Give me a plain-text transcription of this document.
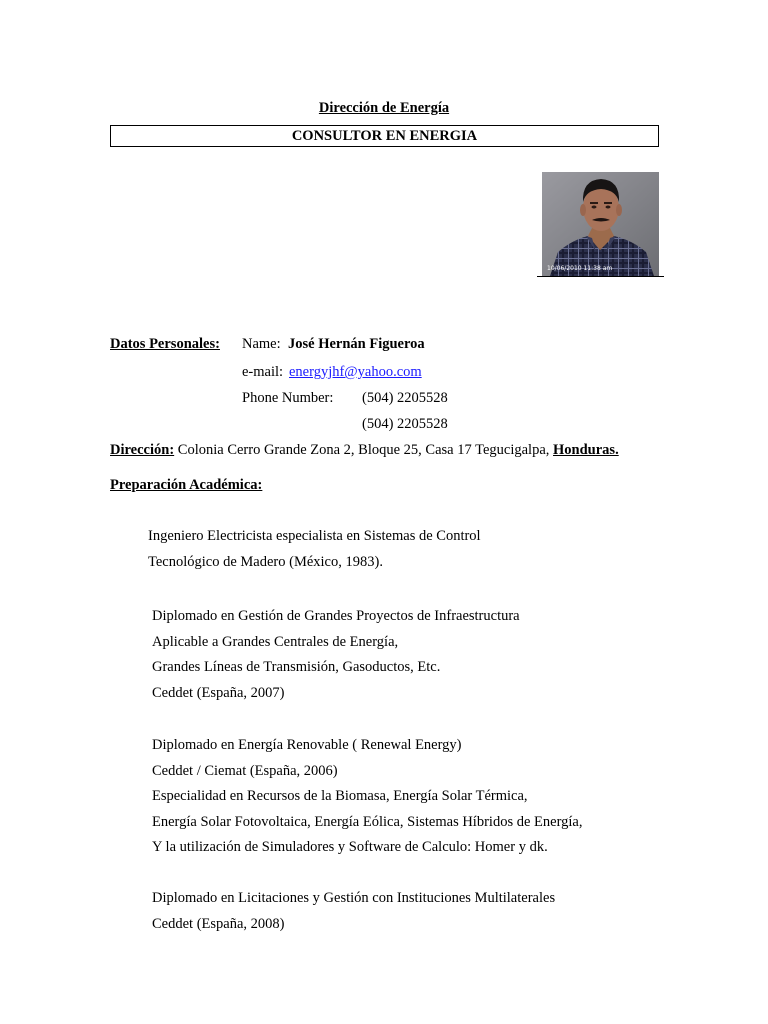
Dirección de Energía
CONSULTOR EN ENERGIA
10/06/2010 11:38 am
Datos Personales: Name: José Hernán Figueroa
e-mail: energyjhf@yahoo.com
Phone Number: (504) 2205528
(504) 2205528
Dirección: Colonia Cerro Grande Zona 2, Bloque 25, Casa 17 Tegucigalpa, Honduras.
Preparación Académica:
Ingeniero Electricista especialista en Sistemas de Control
Tecnológico de Madero (México, 1983).
Diplomado en Gestión de Grandes Proyectos de Infraestructura
Aplicable a Grandes Centrales de Energía,
Grandes Líneas de Transmisión, Gasoductos, Etc.
Ceddet (España, 2007)
Diplomado en Energía Renovable ( Renewal Energy)
Ceddet / Ciemat (España, 2006)
Especialidad en Recursos de la Biomasa, Energía Solar Térmica,
Energía Solar Fotovoltaica, Energía Eólica, Sistemas Híbridos de Energía,
Y la utilización de Simuladores y Software de Calculo: Homer y dk.
Diplomado en Licitaciones y Gestión con Instituciones Multilaterales
Ceddet (España, 2008)
